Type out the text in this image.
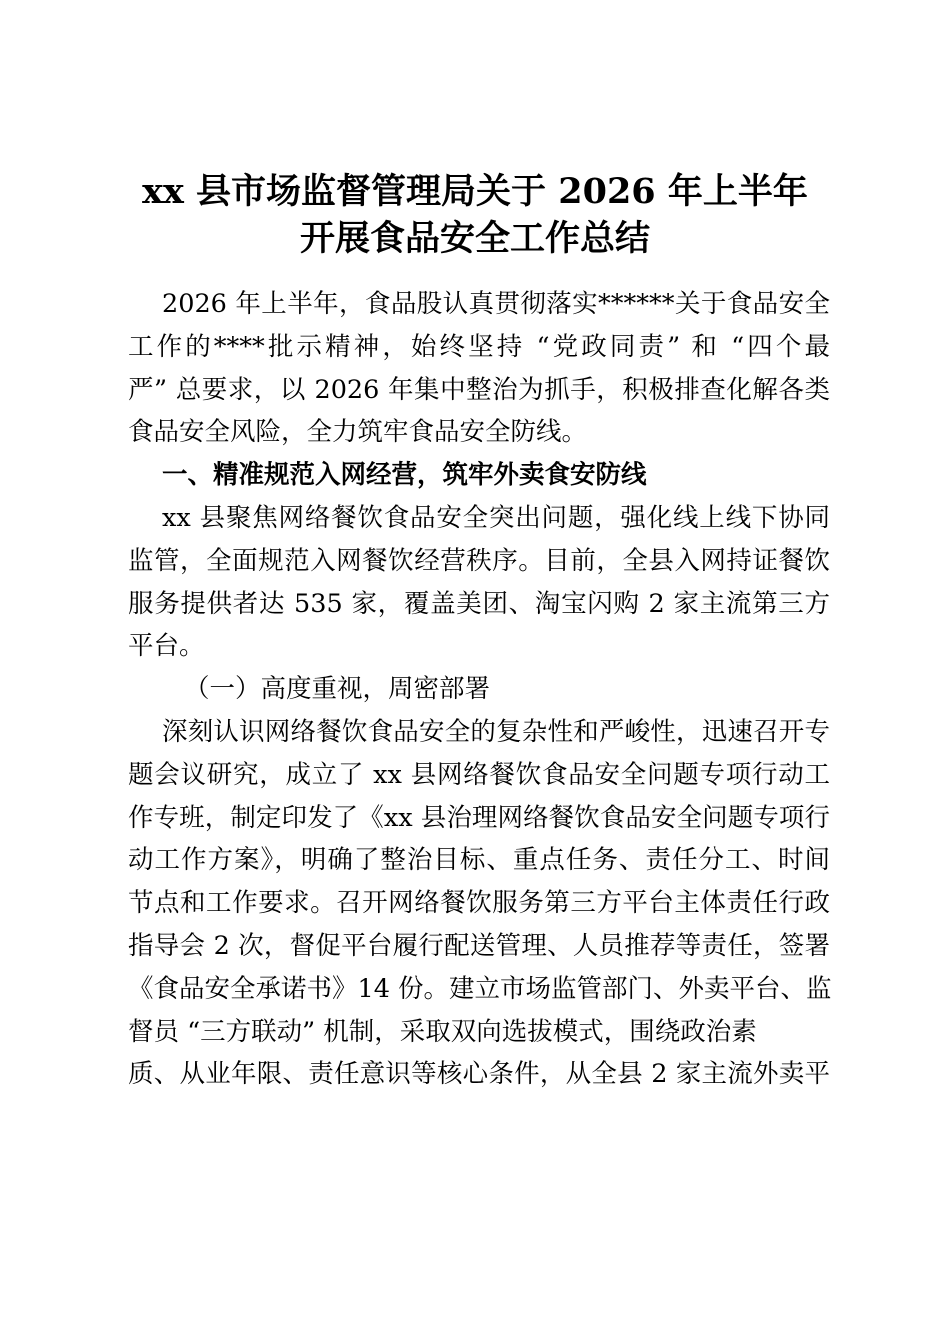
xx 县市场监督管理局关于 2026 年上半年
开展食品安全工作总结
2026 年上半年，食品股认真贯彻落实******关于食品安全
工作的****批示精神，始终坚持 “党政同责” 和 “四个最
严” 总要求，以 2026 年集中整治为抓手，积极排查化解各类
食品安全风险，全力筑牢食品安全防线。
一、精准规范入网经营，筑牢外卖食安防线
xx 县聚焦网络餐饮食品安全突出问题，强化线上线下协同
监管，全面规范入网餐饮经营秩序。目前，全县入网持证餐饮
服务提供者达 535 家，覆盖美团、淘宝闪购 2 家主流第三方
平台。
（一）高度重视，周密部署
深刻认识网络餐饮食品安全的复杂性和严峻性，迅速召开专
题会议研究，成立了 xx 县网络餐饮食品安全问题专项行动工
作专班，制定印发了《xx 县治理网络餐饮食品安全问题专项行
动工作方案》，明确了整治目标、重点任务、责任分工、时间
节点和工作要求。召开网络餐饮服务第三方平台主体责任行政
指导会 2 次，督促平台履行配送管理、人员推荐等责任，签署
《食品安全承诺书》14 份。建立市场监管部门、外卖平台、监
督员 “三方联动” 机制，采取双向选拔模式，围绕政治素
质、从业年限、责任意识等核心条件，从全县 2 家主流外卖平
